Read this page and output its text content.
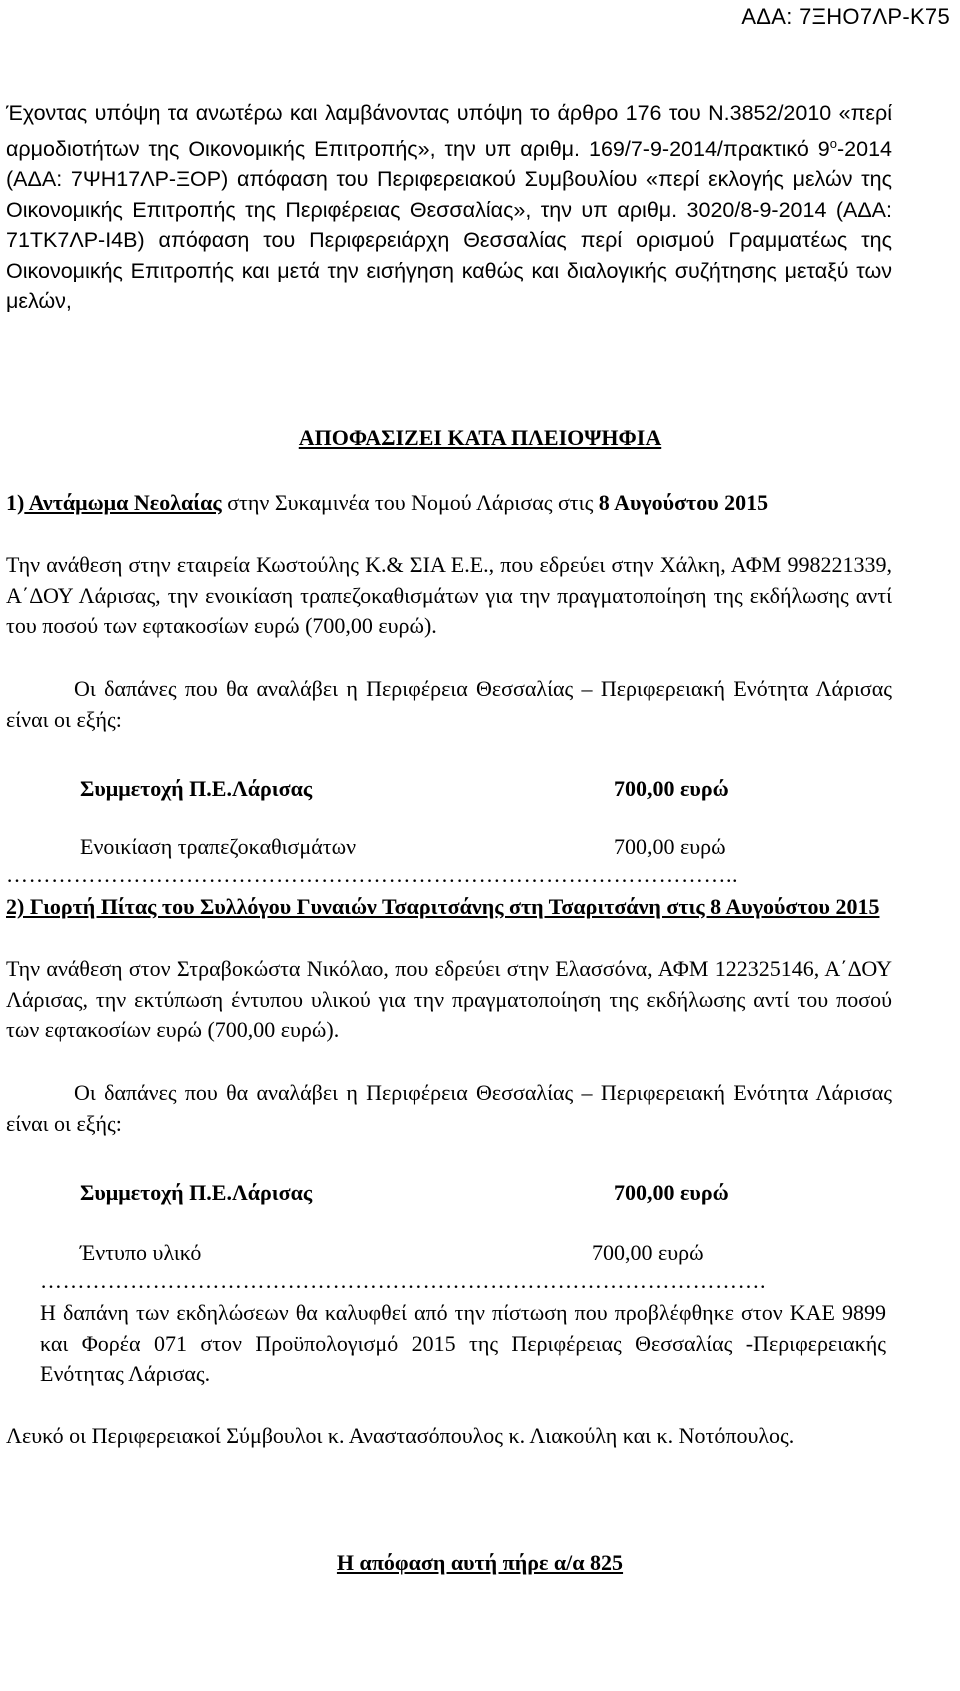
ΑΔΑ: 7ΞΗΟ7ΛΡ-Κ75
Έχοντας υπόψη τα ανωτέρω και λαμβάνοντας υπόψη το άρθρο 176 του Ν.3852/2010 «περί αρμοδιοτήτων της Οικονομικής Επιτροπής», την υπ αριθμ. 169/7-9-2014/πρακτικό $9^o-2014$ (ΑΔΑ: 7ΨΗ17ΛΡ-ΞΟΡ) απόφαση του Περιφερειακού Συμβουλίου «περί εκλογής μελών της Οικονομικής Επιτροπής της Περιφέρειας Θεσσαλίας», την υπ αριθμ. 3020/8-9-2014 (ΑΔΑ: 71ΤΚ7ΛΡ-Ι4Β) απόφαση του Περιφερειάρχη Θεσσαλίας περί ορισμού Γραμματέως της Οικονομικής Επιτροπής και μετά την εισήγηση καθώς και διαλογικής συζήτησης μεταξύ των μελών,
ΑΠΟΦΑΣΙΖΕΙ ΚΑΤΑ ΠΛΕΙΟΨΗΦΙΑ
1) Αντάμωμα Νεολαίας στην Συκαμινέα του Νομού Λάρισας στις 8 Αυγούστου 2015
Την ανάθεση στην εταιρεία Κωστούλης Κ.& ΣΙΑ Ε.Ε., που εδρεύει στην Χάλκη, ΑΦΜ 998221339, Α΄ΔΟΥ Λάρισας, την ενοικίαση τραπεζοκαθισμάτων για την πραγματοποίηση της εκδήλωσης αντί του ποσού των εφτακοσίων ευρώ (700,00 ευρώ).
Οι δαπάνες που θα αναλάβει η Περιφέρεια Θεσσαλίας – Περιφερειακή Ενότητα Λάρισας είναι οι εξής:
Συμμετοχή Π.Ε.Λάρισας	700,00 ευρώ
Ενοικίαση τραπεζοκαθισμάτων	700,00 ευρώ
……………………………………………………………………………………..
2) Γιορτή Πίτας του Συλλόγου Γυναιών Τσαριτσάνης στη Τσαριτσάνη στις 8 Αυγούστου 2015
Την ανάθεση στον Στραβοκώστα Νικόλαο, που εδρεύει στην Ελασσόνα, ΑΦΜ 122325146, Α΄ΔΟΥ Λάρισας, την εκτύπωση έντυπου υλικού για την πραγματοποίηση της εκδήλωσης αντί του ποσού των εφτακοσίων ευρώ (700,00 ευρώ).
Οι δαπάνες που θα αναλάβει η Περιφέρεια Θεσσαλίας – Περιφερειακή Ενότητα Λάρισας είναι οι εξής:
Συμμετοχή Π.Ε.Λάρισας	700,00 ευρώ
Έντυπο υλικό	700,00 ευρώ
…………………………………………………………………………………….
Η δαπάνη των εκδηλώσεων θα καλυφθεί από την πίστωση που προβλέφθηκε στον ΚΑΕ 9899 και Φορέα 071 στον Προϋπολογισμό 2015 της Περιφέρειας Θεσσαλίας -Περιφερειακής Ενότητας Λάρισας.
Λευκό οι Περιφερειακοί Σύμβουλοι κ. Αναστασόπουλος κ. Λιακούλη και κ. Νοτόπουλος.
Η απόφαση αυτή πήρε α/α 825
